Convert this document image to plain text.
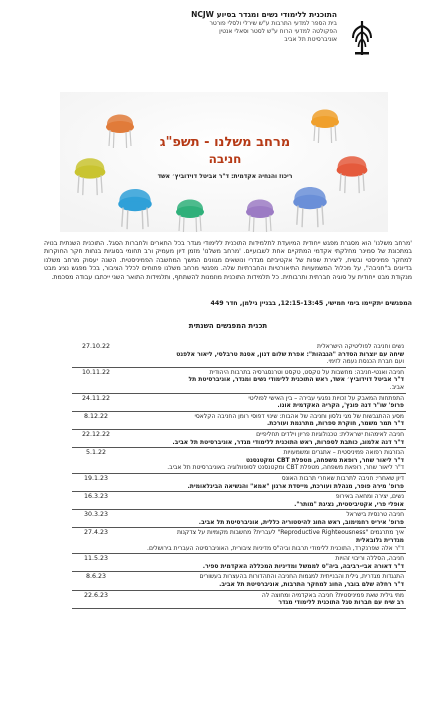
התוכנית ללימודי נשים ומגדר בסיוע NCJW
בית הספר למדעי התרבות ע"ש שירלי ולסלי פורטר
הפקולטה למדעי הרוח ע"ש לסטר וסאלי אנטין
אוניברסיטת תל אביב
מרחב משלנו - תשפ"ג
חניבה
ריכוז והנחיה אקדמית: ד"ר אביטל דוידוביץ׳ אשד
'מרחב משלנו' הוא מסגרת מפגש ייחודית המיועדת לתלמידות התוכנית ללימודי מגדר בכל התארים ולחברות הסגל. התוכנית השנתית בנויה במתכונת של סמינר מחלקתי אקדמי המתקיים אחת לשבועיים. 'מרחב משלנו' מזמן דיון מעמיק ורב תחומי בסוגיות בנחות חקר החוקרות למחקר פמיניסטי ובשיח, ליצירת שפות של אקטיביזם מגדרי ונושאים מגוונים המשך המחשבה הפמיניסטית. השנה יעסוק מרחב משלנו בדיונים ב"חניבה", על מכלול המשמעויות התיאורטיות והחברתיות שלה. מפגשי מרחב משלנו פתוחים לכלל הציבור, בכל מפגש נציג מבט מנקודת מבט ייחודית על סוגיה חברתית ותרבותית. כל תלמידות התוכנית מוזמנות להשתתף, ותלמידות התואר השני ייכתבו עבודה מסכמת.
המפגשים יתקיימו בימי חמישי, 12:15-13:45, בבניין גילמן, חדר 449
תכנית המפגשים השנתית
נשים וחניבה לפוליטיקה הישראלית
שיחה עם יוצרות הסדרה "הגבהות": אפרת שלום דנון, אסנת טרבלסי, ליאור אלפנט
ועם חברת הכנסת נעמה לזימי.	27.10.22

חניבה ואנטי-חניבה: מחשבות על טקסט, טקסט וטרנסגרסיה בתרבות היהודית
ד"ר אביטל דוידוביץ׳ אשד, ראש התוכנית ללימודי נשים ומגדר, אוניברסיטת תל
אביב.	10.11.22

התפתחות המאבק על זכויות נפגעי עבירה – בין האישי לפוליטי
פרופ' שו"ר דנה פוגץ', הקריה האקדמית אונו.	24.11.22

מסע ההתגבשות של מגי נלסון וחניבה של אהבות: שינוי דפוסי רומן החניבה הקלאסי
ד"ר תמר משמר, חוקרת ספרות, מתרגמת ועורכת.	8.12.22

חניבה לאימהות ישראלית: טכנולוגיות פריון וילדים תחליפיים
ד"ר דנה אלמוג, כותבת לספרות, ראש התוכנית ללימודי מגדר, אוניברסיטת תל אביב.	22.12.22

הנזרגות רפואה פמיניסטית – אתגרים ומשמעויות
ד"ר ליאור שחר, רופאת משפחה, מטפלת CBT ומקטנסנט
ד"ר ליאור שחר, רופאת משפחה, מטפלת CBT ומקטנסנט לסופוולוגיה באוניברסיטת תל אביב.	5.1.22

דיון שאחרי: חניבה לתרבות שאחרי תרבות האונס
פרופ' מירה פופר, מנהלת ועורכת, מייסדת ארגון "אמא" והנשיאה הבינלאומית.	19.1.23

נשים, יצירה ומחאה באירופ
אופלי פרי, אקטיביסטית, נציגת "מותר".	16.3.23

חניבה טרנסית בישראל
פרופ' איריס רחמימוב, ראש החוג להיסטוריה כללית, אוניברסיטת תל אביב.	30.3.23

איך מתרגמים "Reproductive Righteousness" לעברית? מחשבות מקומיות על צדקנות
מגדרית גלובאלית
ד"ר אלה שפרנקרד, התוכנית ללימודי תרבות וביה"ס מדיניות ציבורית, האוניברסיטה העברית בירושלים.	27.4.23

חניבה, הסללה וריבוי זהויות
ד"ר דאורה אבי-רביבה, ביה"ס לממשל ומדיניות המכללה האקדמית ספיר.	11.5.23

התנגדות מגדרית, גילית והבנייתית למגמות החניבה והתהדורות בהעצרות בעשורים
ד"ר רחלה שלם בובר, החוג למחקר התרבות, אוניברסיטת תל אביב.	8.6.23

מתי גילית שאת פמיניסטית? חניבה באקדמיה ומחוצה לה
רב שיח עם חברות סגל התוכנית ללימודי מגדר	22.6.23
